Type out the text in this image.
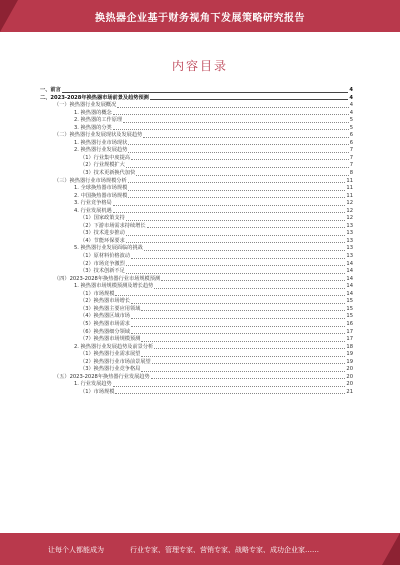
换热器企业基于财务视角下发展策略研究报告
内容目录
一、前言	4
二、2023-2028年换热器市场前景及趋势预测	4
（一）换热器行业发展概况	4
1. 换热器的概念	4
2. 换热器的工作原理	5
3. 换热器的分类	5
（二）换热器行业发展现状及发展趋势	6
1. 换热器行业市场现状	6
2. 换热器行业发展趋势	7
（1）行业集中度提高	7
（2）行业规模扩大	7
（3）技术更新换代加快	8
（三）换热器行业市场规模分析	11
1. 全球换热器市场规模	11
2. 中国换热器市场规模	11
3. 行业竞争格局	12
4. 行业发展机遇	12
（1）国家政策支持	12
（2）下游市场需求持续增长	13
（3）技术进步推动	13
（4）节能环保要求	13
5. 换热器行业发展面临的挑战	13
（1）原材料价格波动	13
（2）市场竞争激烈	14
（3）技术创新不足	14
（四）2023-2028年换热器行业市场规模预测	14
1. 换热器市场规模预测及增长趋势	14
（1）市场规模	14
（2）换热器市场增长	15
（3）换热器主要应用领域	15
（4）换热器区域市场	15
（5）换热器市场需求	16
（6）换热器细分领域	17
（7）换热器市场规模预测	17
2. 换热器行业发展趋势及前景分析	18
（1）换热器行业需求展望	19
（2）换热器行业市场前景展望	19
（3）换热器行业竞争格局	20
（五）2023-2028年换热器行业发展趋势	20
1. 行业发展趋势	20
（1）市场规模	21
让每个人都能成为	行业专家、管理专家、营销专家、战略专家、成功企业家……
